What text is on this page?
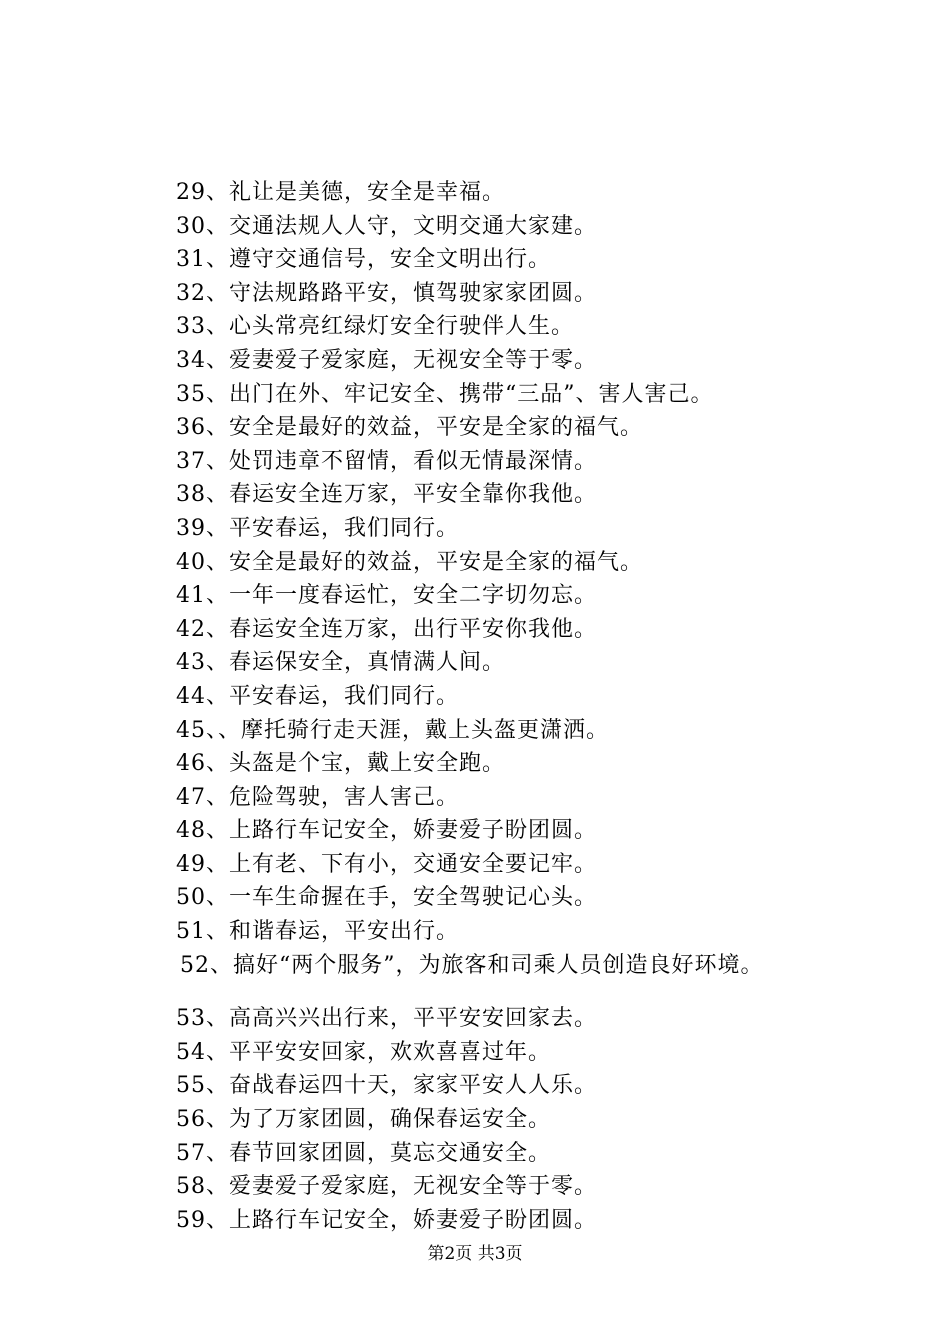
29、礼让是美德，安全是幸福。
30、交通法规人人守，文明交通大家建。
31、遵守交通信号，安全文明出行。
32、守法规路路平安，慎驾驶家家团圆。
33、心头常亮红绿灯安全行驶伴人生。
34、爱妻爱子爱家庭，无视安全等于零。
35、出门在外、牢记安全、携带“三品”、害人害己。
36、安全是最好的效益，平安是全家的福气。
37、处罚违章不留情，看似无情最深情。
38、春运安全连万家，平安全靠你我他。
39、平安春运，我们同行。
40、安全是最好的效益，平安是全家的福气。
41、一年一度春运忙，安全二字切勿忘。
42、春运安全连万家，出行平安你我他。
43、春运保安全，真情满人间。
44、平安春运，我们同行。
45、、摩托骑行走天涯，戴上头盔更潇洒。
46、头盔是个宝，戴上安全跑。
47、危险驾驶，害人害己。
48、上路行车记安全，娇妻爱子盼团圆。
49、上有老、下有小，交通安全要记牢。
50、一车生命握在手，安全驾驶记心头。
51、和谐春运，平安出行。
52、搞好“两个服务”，为旅客和司乘人员创造良好环境。
53、高高兴兴出行来，平平安安回家去。
54、平平安安回家，欢欢喜喜过年。
55、奋战春运四十天，家家平安人人乐。
56、为了万家团圆，确保春运安全。
57、春节回家团圆，莫忘交通安全。
58、爱妻爱子爱家庭，无视安全等于零。
59、上路行车记安全，娇妻爱子盼团圆。
第2页 共3页
